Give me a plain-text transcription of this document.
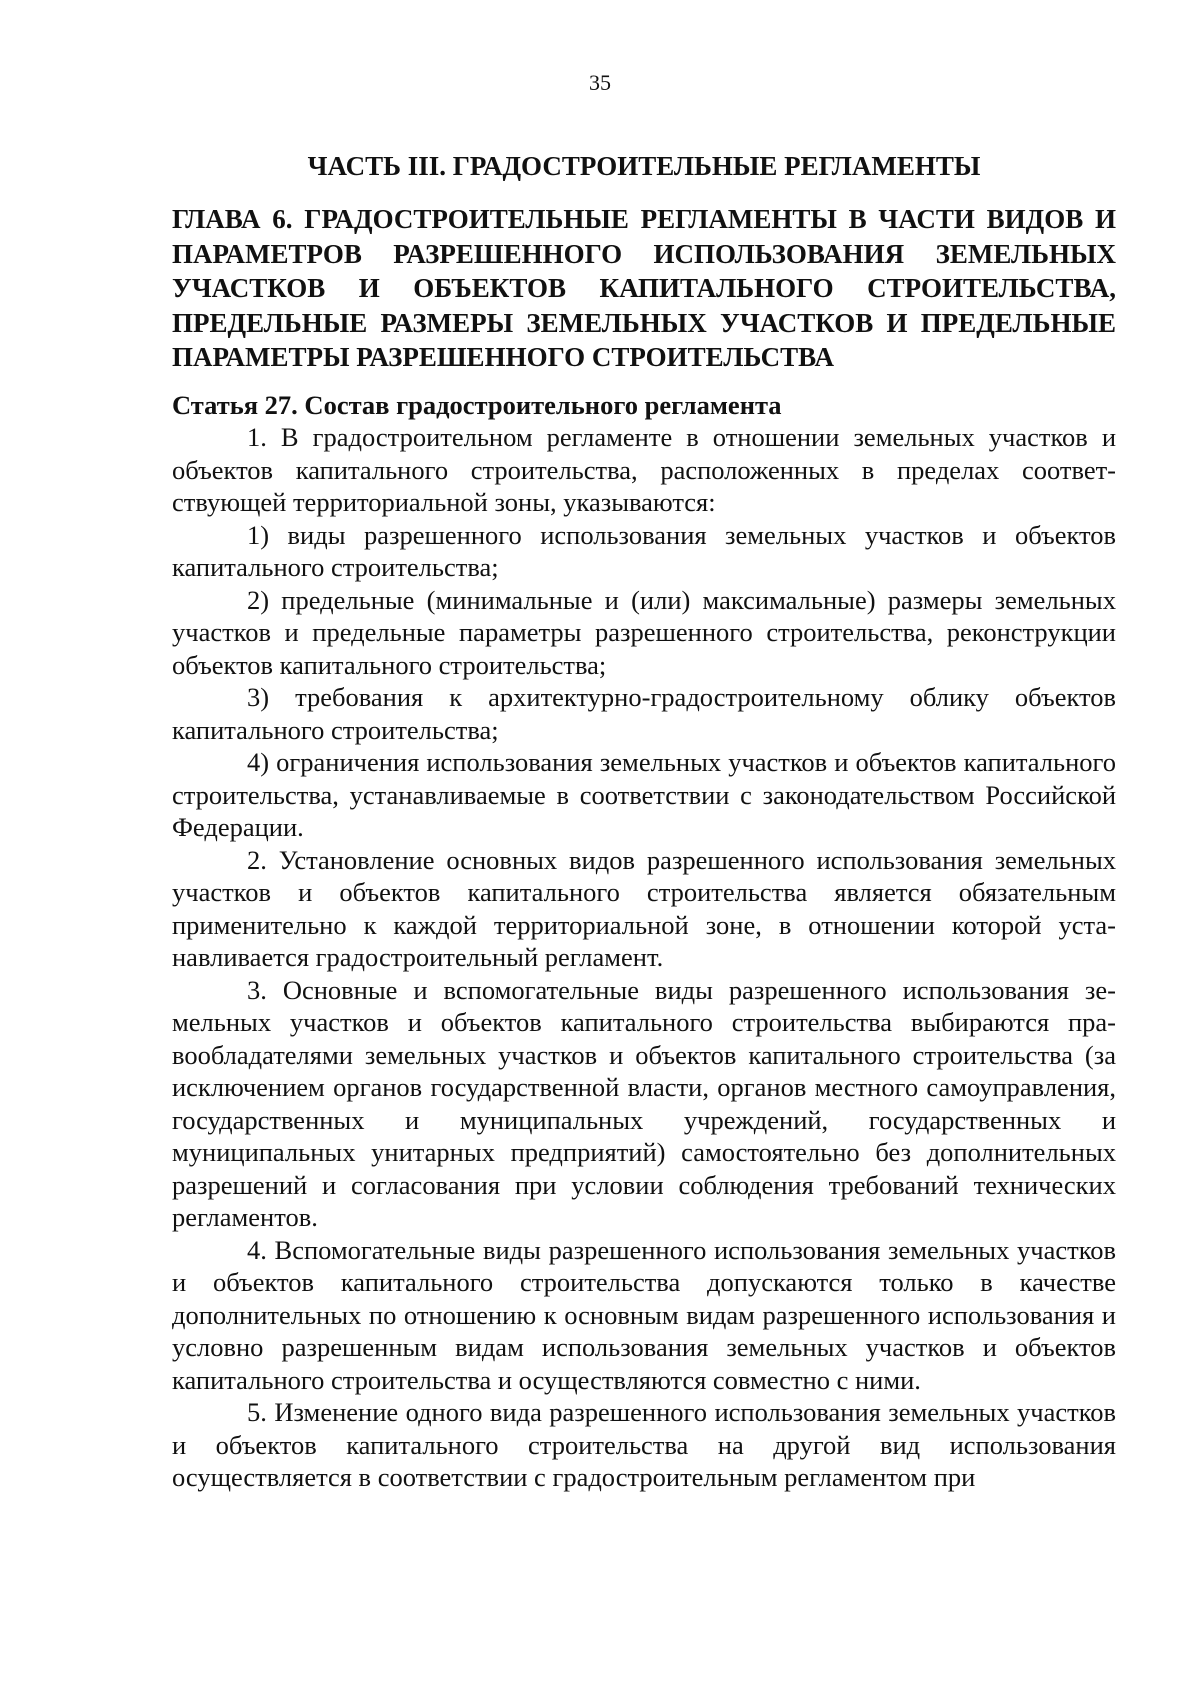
35
ЧАСТЬ III. ГРАДОСТРОИТЕЛЬНЫЕ РЕГЛАМЕНТЫ
ГЛАВА 6. ГРАДОСТРОИТЕЛЬНЫЕ РЕГЛАМЕНТЫ В ЧАСТИ ВИДОВ И ПАРАМЕТРОВ РАЗРЕШЕННОГО ИСПОЛЬЗОВАНИЯ ЗЕМЕЛЬНЫХ УЧАСТКОВ И ОБЪЕКТОВ КАПИТАЛЬНОГО СТРОИТЕЛЬСТВА, ПРЕДЕЛЬНЫЕ РАЗМЕРЫ ЗЕМЕЛЬНЫХ УЧАСТКОВ И ПРЕДЕЛЬНЫЕ ПАРАМЕТРЫ РАЗРЕШЕННОГО СТРОИТЕЛЬСТВА
Статья 27. Состав градостроительного регламента

1. В градостроительном регламенте в отношении земельных участков и объектов капитального строительства, расположенных в пределах соответствующей территориальной зоны, указываются:

1) виды разрешенного использования земельных участков и объектов капитального строительства;

2) предельные (минимальные и (или) максимальные) размеры земельных участков и предельные параметры разрешенного строительства, реконструкции объектов капитального строительства;

3) требования к архитектурно-градостроительному облику объектов капитального строительства;

4) ограничения использования земельных участков и объектов капитального строительства, устанавливаемые в соответствии с законодательством Российской Федерации.

2. Установление основных видов разрешенного использования земельных участков и объектов капитального строительства является обязательным применительно к каждой территориальной зоне, в отношении которой устанавливается градостроительный регламент.

3. Основные и вспомогательные виды разрешенного использования земельных участков и объектов капитального строительства выбираются правообладателями земельных участков и объектов капитального строительства (за исключением органов государственной власти, органов местного самоуправления, государственных и муниципальных учреждений, государственных и муниципальных унитарных предприятий) самостоятельно без дополнительных разрешений и согласования при условии соблюдения требований технических регламентов.

4. Вспомогательные виды разрешенного использования земельных участков и объектов капитального строительства допускаются только в качестве дополнительных по отношению к основным видам разрешенного использования и условно разрешенным видам использования земельных участков и объектов капитального строительства и осуществляются совместно с ними.

5. Изменение одного вида разрешенного использования земельных участков и объектов капитального строительства на другой вид использования осуществляется в соответствии с градостроительным регламентом при
